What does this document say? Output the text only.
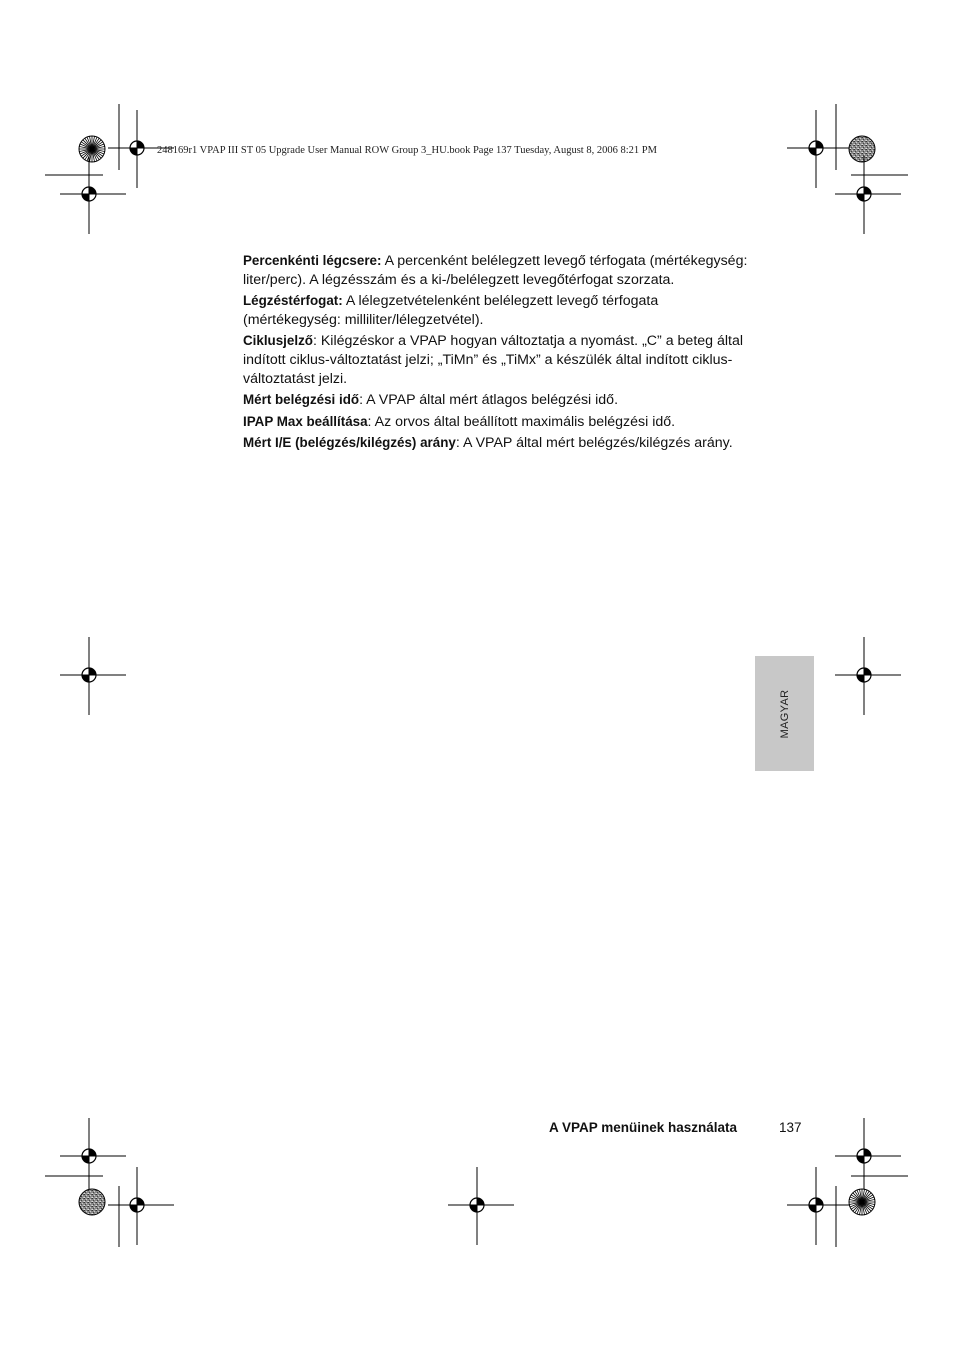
248169r1 VPAP III ST 05 Upgrade User Manual ROW Group 3_HU.book Page 137 Tuesday, August 8, 2006 8:21 PM

Percenkénti légcsere: A percenként belélegzett levegő térfogata (mértékegység: liter/perc). A légzésszám és a ki-/belélegzett levegőtérfogat szorzata.

Légzéstérfogat: A lélegzetvételenként belélegzett levegő térfogata (mértékegység: milliliter/lélegzetvétel).

Ciklusjelző: Kilégzéskor a VPAP hogyan változtatja a nyomást. „C” a beteg által indított ciklus-változtatást jelzi; „TiMn” és „TiMx” a készülék által indított ciklus-változtatást jelzi.

Mért belégzési idő: A VPAP által mért átlagos belégzési idő.

IPAP Max beállítása: Az orvos által beállított maximális belégzési idő.

Mért I/E (belégzés/kilégzés) arány: A VPAP által mért belégzés/kilégzés arány.

MAGYAR
A VPAP menüinek használata	137
